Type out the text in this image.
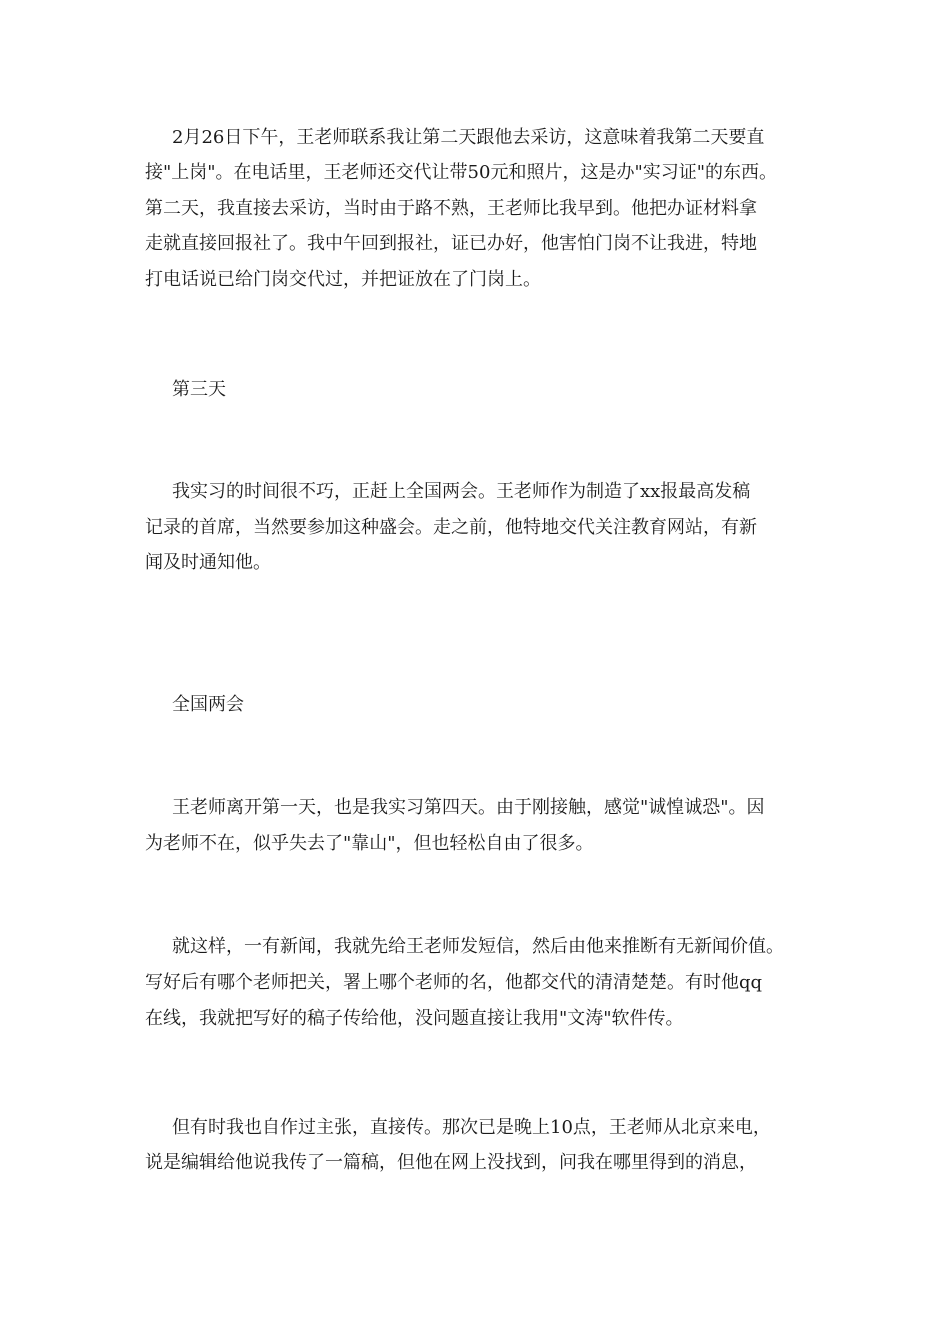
2月26日下午，王老师联系我让第二天跟他去采访，这意味着我第二天要直

接"上岗"。在电话里，王老师还交代让带50元和照片，这是办"实习证"的东西。

第二天，我直接去采访，当时由于路不熟，王老师比我早到。他把办证材料拿

走就直接回报社了。我中午回到报社，证已办好，他害怕门岗不让我进，特地

打电话说已给门岗交代过，并把证放在了门岗上。

第三天

我实习的时间很不巧，正赶上全国两会。王老师作为制造了xx报最高发稿

记录的首席，当然要参加这种盛会。走之前，他特地交代关注教育网站，有新

闻及时通知他。

全国两会

王老师离开第一天，也是我实习第四天。由于刚接触，感觉"诚惶诚恐"。因

为老师不在，似乎失去了"靠山"，但也轻松自由了很多。

就这样，一有新闻，我就先给王老师发短信，然后由他来推断有无新闻价值。

写好后有哪个老师把关，署上哪个老师的名，他都交代的清清楚楚。有时他qq

在线，我就把写好的稿子传给他，没问题直接让我用"文涛"软件传。

但有时我也自作过主张，直接传。那次已是晚上10点，王老师从北京来电，

说是编辑给他说我传了一篇稿，但他在网上没找到，问我在哪里得到的消息，
